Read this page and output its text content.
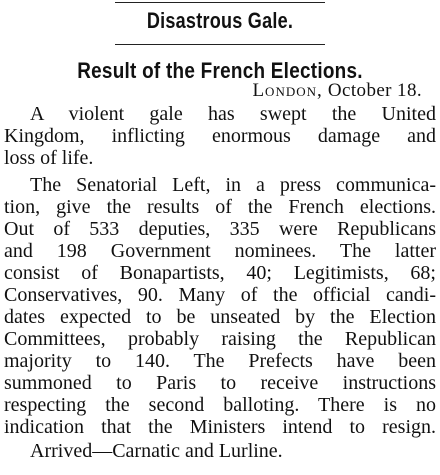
Disastrous Gale.
Result of the French Elections.
London, October 18.
A violent gale has swept the United
Kingdom, inflicting enormous damage and
loss of life.
The Senatorial Left, in a press communica-
tion, give the results of the French elections.
Out of 533 deputies, 335 were Republicans
and 198 Government nominees. The latter
consist of Bonapartists, 40; Legitimists, 68;
Conservatives, 90. Many of the official candi-
dates expected to be unseated by the Election
Committees, probably raising the Republican
majority to 140. The Prefects have been
summoned to Paris to receive instructions
respecting the second balloting. There is no
indication that the Ministers intend to resign.
Arrived—Carnatic and Lurline.
